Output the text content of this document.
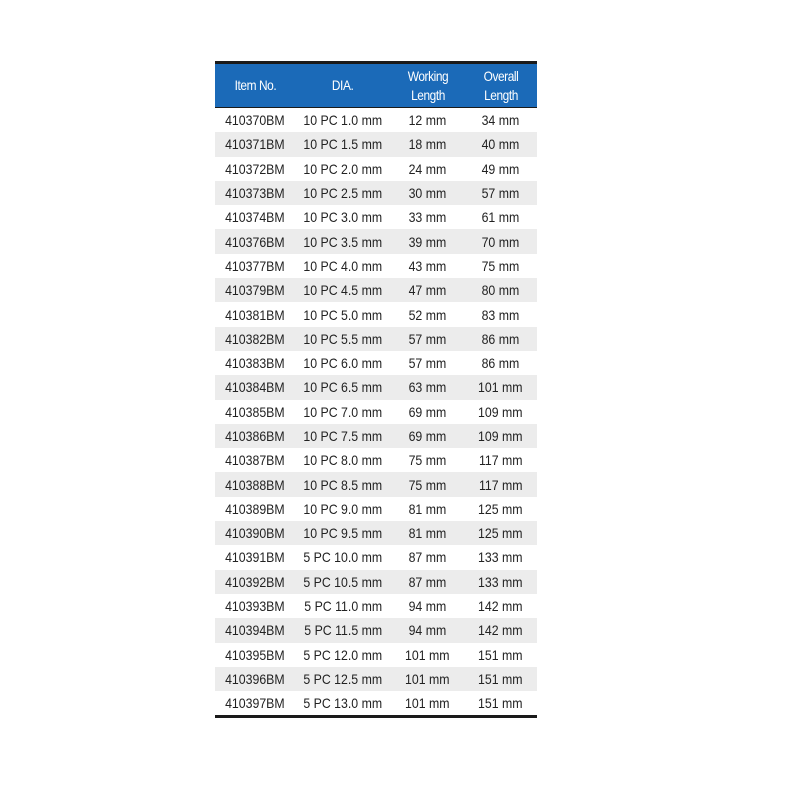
Item No.	DIA.	Working Length	Overall Length
410370BM	10 PC 1.0 mm	12 mm	34 mm
410371BM	10 PC 1.5 mm	18 mm	40 mm
410372BM	10 PC 2.0 mm	24 mm	49 mm
410373BM	10 PC 2.5 mm	30 mm	57 mm
410374BM	10 PC 3.0 mm	33 mm	61 mm
410376BM	10 PC 3.5 mm	39 mm	70 mm
410377BM	10 PC 4.0 mm	43 mm	75 mm
410379BM	10 PC 4.5 mm	47 mm	80 mm
410381BM	10 PC 5.0 mm	52 mm	83 mm
410382BM	10 PC 5.5 mm	57 mm	86 mm
410383BM	10 PC 6.0 mm	57 mm	86 mm
410384BM	10 PC 6.5 mm	63 mm	101 mm
410385BM	10 PC 7.0 mm	69 mm	109 mm
410386BM	10 PC 7.5 mm	69 mm	109 mm
410387BM	10 PC 8.0 mm	75 mm	117 mm
410388BM	10 PC 8.5 mm	75 mm	117 mm
410389BM	10 PC 9.0 mm	81 mm	125 mm
410390BM	10 PC 9.5 mm	81 mm	125 mm
410391BM	5 PC 10.0 mm	87 mm	133 mm
410392BM	5 PC 10.5 mm	87 mm	133 mm
410393BM	5 PC 11.0 mm	94 mm	142 mm
410394BM	5 PC 11.5 mm	94 mm	142 mm
410395BM	5 PC 12.0 mm	101 mm	151 mm
410396BM	5 PC 12.5 mm	101 mm	151 mm
410397BM	5 PC 13.0 mm	101 mm	151 mm
